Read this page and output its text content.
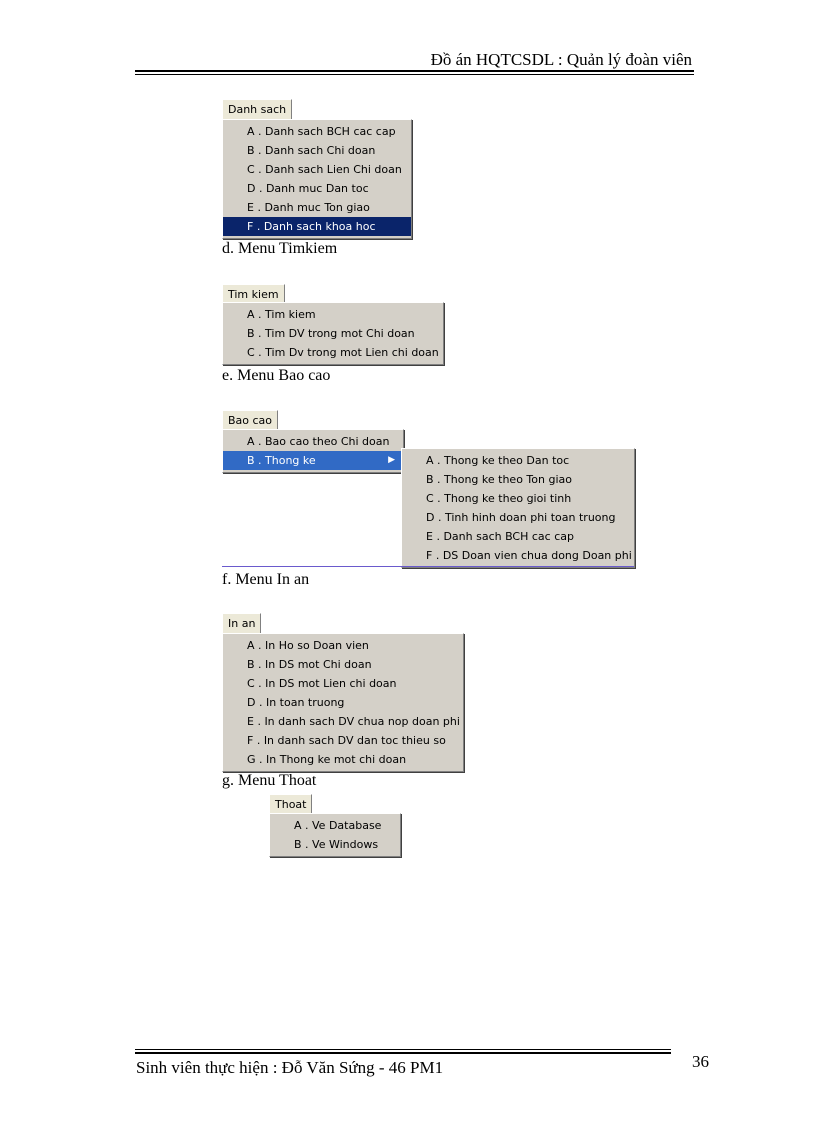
Đồ án HQTCSDL : Quản lý đoàn viên
Danh sach
A . Danh sach BCH cac cap
B . Danh sach Chi doan
C . Danh sach Lien Chi doan
D . Danh muc Dan toc
E . Danh muc Ton giao
F . Danh sach khoa hoc
d. Menu Timkiem
Tim kiem
A . Tim kiem
B . Tim DV trong mot Chi doan
C . Tim Dv trong mot Lien chi doan
e. Menu Bao cao
Bao cao
A . Bao cao theo Chi doan
B . Thong ke	▶	A . Thong ke theo Dan toc
B . Thong ke theo Ton giao
C . Thong ke theo gioi tinh
D . Tinh hinh doan phi toan truong
E . Danh sach BCH cac cap
F . DS Doan vien chua dong Doan phi
f. Menu In an
In an
A . In Ho so Doan vien
B . In DS mot Chi doan
C . In DS mot Lien chi doan
D . In toan truong
E . In danh sach DV chua nop doan phi
F . In danh sach DV dan toc thieu so
G . In Thong ke mot chi doan
g. Menu Thoat
Thoat
A . Ve Database
B . Ve Windows
Sinh viên thực hiện : Đỗ Văn Sứng - 46 PM1	36
